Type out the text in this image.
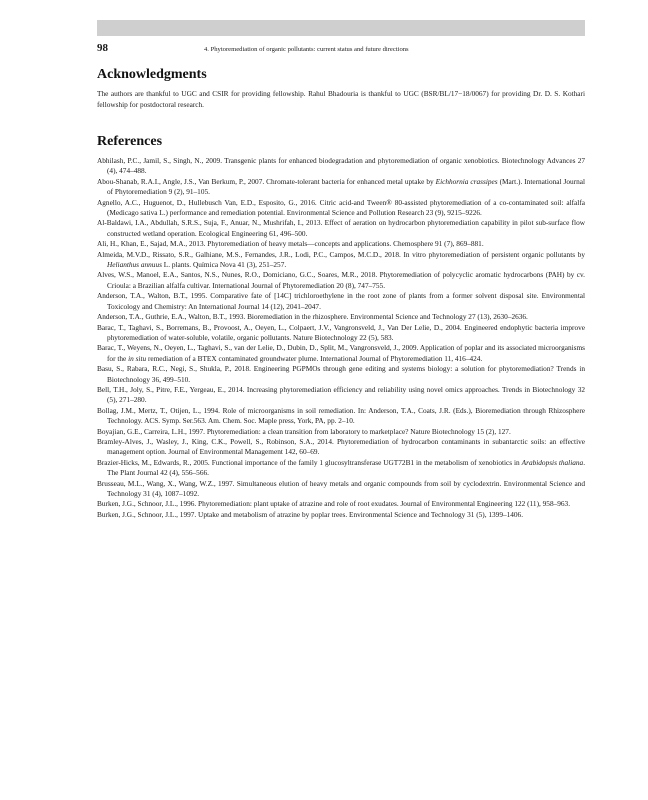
98	4. Phytoremediation of organic pollutants: current status and future directions
Acknowledgments

The authors are thankful to UGC and CSIR for providing fellowship. Rahul Bhadouria is thankful to UGC (BSR/BL/17−18/0067) for providing Dr. D. S. Kothari fellowship for postdoctoral research.

References

Abhilash, P.C., Jamil, S., Singh, N., 2009. Transgenic plants for enhanced biodegradation and phytoremediation of organic xenobiotics. Biotechnology Advances 27 (4), 474–488.

Abou-Shanab, R.A.I., Angle, J.S., Van Berkum, P., 2007. Chromate-tolerant bacteria for enhanced metal uptake by Eichhornia crassipes (Mart.). International Journal of Phytoremediation 9 (2), 91–105.

Agnello, A.C., Huguenot, D., Hullebusch Van, E.D., Esposito, G., 2016. Citric acid-and Tween® 80-assisted phytoremediation of a co-contaminated soil: alfalfa (Medicago sativa L.) performance and remediation potential. Environmental Science and Pollution Research 23 (9), 9215–9226.

Al-Baldawi, I.A., Abdullah, S.R.S., Suja, F., Anuar, N., Mushrifah, I., 2013. Effect of aeration on hydrocarbon phytoremediation capability in pilot sub-surface flow constructed wetland operation. Ecological Engineering 61, 496–500.

Ali, H., Khan, E., Sajad, M.A., 2013. Phytoremediation of heavy metals—concepts and applications. Chemosphere 91 (7), 869–881.

Almeida, M.V.D., Rissato, S.R., Galhiane, M.S., Fernandes, J.R., Lodi, P.C., Campos, M.C.D., 2018. In vitro phytoremediation of persistent organic pollutants by Helianthus annuus L. plants. Química Nova 41 (3), 251–257.

Alves, W.S., Manoel, E.A., Santos, N.S., Nunes, R.O., Domiciano, G.C., Soares, M.R., 2018. Phytoremediation of polycyclic aromatic hydrocarbons (PAH) by cv. Crioula: a Brazilian alfalfa cultivar. International Journal of Phytoremediation 20 (8), 747–755.

Anderson, T.A., Walton, B.T., 1995. Comparative fate of [14C] trichloroethylene in the root zone of plants from a former solvent disposal site. Environmental Toxicology and Chemistry: An International Journal 14 (12), 2041–2047.

Anderson, T.A., Guthrie, E.A., Walton, B.T., 1993. Bioremediation in the rhizosphere. Environmental Science and Technology 27 (13), 2630–2636.

Barac, T., Taghavi, S., Borremans, B., Provoost, A., Oeyen, L., Colpaert, J.V., Vangronsveld, J., Van Der Lelie, D., 2004. Engineered endophytic bacteria improve phytoremediation of water-soluble, volatile, organic pollutants. Nature Biotechnology 22 (5), 583.

Barac, T., Weyens, N., Oeyen, L., Taghavi, S., van der Lelie, D., Dubin, D., Split, M., Vangronsveld, J., 2009. Application of poplar and its associated microorganisms for the in situ remediation of a BTEX contaminated groundwater plume. International Journal of Phytoremediation 11, 416–424.

Basu, S., Rabara, R.C., Negi, S., Shukla, P., 2018. Engineering PGPMOs through gene editing and systems biology: a solution for phytoremediation? Trends in Biotechnology 36, 499–510.

Bell, T.H., Joly, S., Pitre, F.E., Yergeau, E., 2014. Increasing phytoremediation efficiency and reliability using novel omics approaches. Trends in Biotechnology 32 (5), 271–280.

Bollag, J.M., Mertz, T., Otijen, L., 1994. Role of microorganisms in soil remediation. In: Anderson, T.A., Coats, J.R. (Eds.), Bioremediation through Rhizosphere Technology. ACS. Symp. Ser.563. Am. Chem. Soc. Maple press, York, PA, pp. 2–10.

Boyajian, G.E., Carreira, L.H., 1997. Phytoremediation: a clean transition from laboratory to marketplace? Nature Biotechnology 15 (2), 127.

Bramley-Alves, J., Wasley, J., King, C.K., Powell, S., Robinson, S.A., 2014. Phytoremediation of hydrocarbon contaminants in subantarctic soils: an effective management option. Journal of Environmental Management 142, 60–69.

Brazier-Hicks, M., Edwards, R., 2005. Functional importance of the family 1 glucosyltransferase UGT72B1 in the metabolism of xenobiotics in Arabidopsis thaliana. The Plant Journal 42 (4), 556–566.

Brusseau, M.L., Wang, X., Wang, W.Z., 1997. Simultaneous elution of heavy metals and organic compounds from soil by cyclodextrin. Environmental Science and Technology 31 (4), 1087–1092.

Burken, J.G., Schnoor, J.L., 1996. Phytoremediation: plant uptake of atrazine and role of root exudates. Journal of Environmental Engineering 122 (11), 958–963.

Burken, J.G., Schnoor, J.L., 1997. Uptake and metabolism of atrazine by poplar trees. Environmental Science and Technology 31 (5), 1399–1406.
